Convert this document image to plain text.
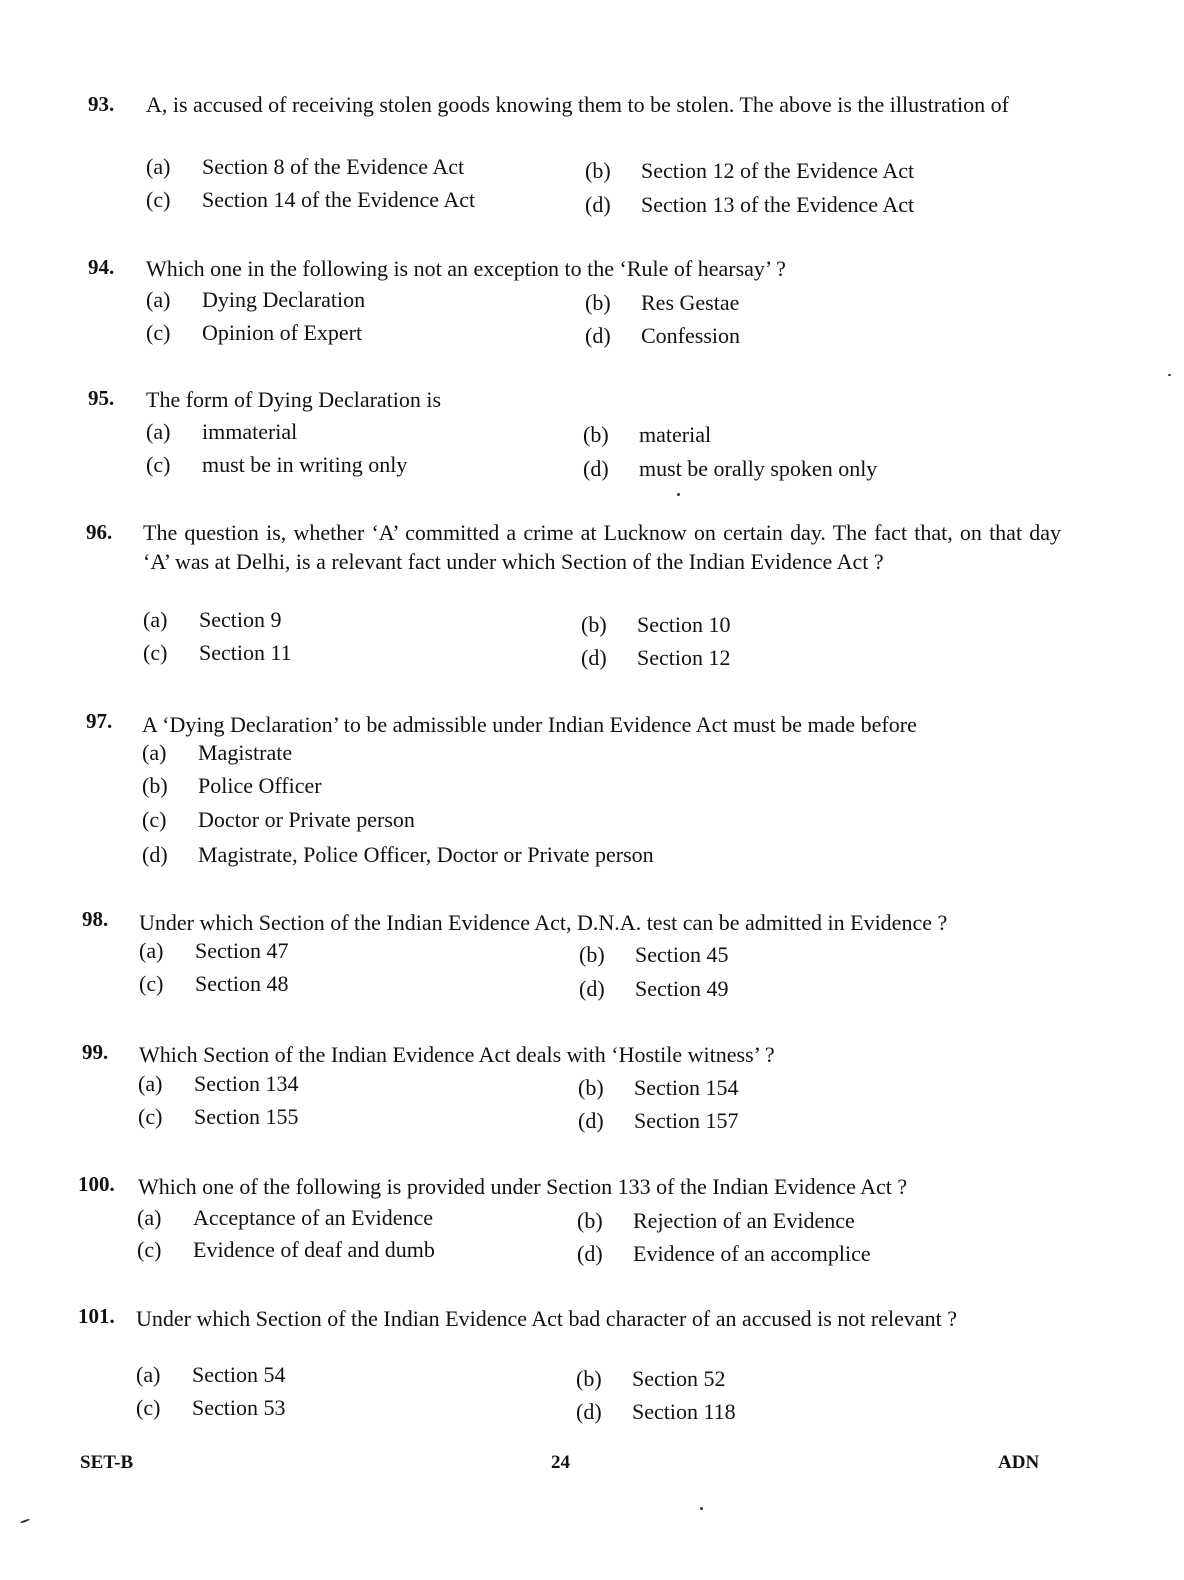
93. A, is accused of receiving stolen goods knowing them to be stolen. The above is the illustration of
(a) Section 8 of the Evidence Act	(b) Section 12 of the Evidence Act
(c) Section 14 of the Evidence Act	(d) Section 13 of the Evidence Act
94. Which one in the following is not an exception to the ‘Rule of hearsay’ ?
(a) Dying Declaration	(b) Res Gestae
(c) Opinion of Expert	(d) Confession
95. The form of Dying Declaration is
(a) immaterial	(b) material
(c) must be in writing only	(d) must be orally spoken only
96. The question is, whether ‘A’ committed a crime at Lucknow on certain day. The fact that, on that day ‘A’ was at Delhi, is a relevant fact under which Section of the Indian Evidence Act ?
(a) Section 9	(b) Section 10
(c) Section 11	(d) Section 12
97. A ‘Dying Declaration’ to be admissible under Indian Evidence Act must be made before
(a) Magistrate
(b) Police Officer
(c) Doctor or Private person
(d) Magistrate, Police Officer, Doctor or Private person
98. Under which Section of the Indian Evidence Act, D.N.A. test can be admitted in Evidence ?
(a) Section 47	(b) Section 45
(c) Section 48	(d) Section 49
99. Which Section of the Indian Evidence Act deals with ‘Hostile witness’ ?
(a) Section 134	(b) Section 154
(c) Section 155	(d) Section 157
100. Which one of the following is provided under Section 133 of the Indian Evidence Act ?
(a) Acceptance of an Evidence	(b) Rejection of an Evidence
(c) Evidence of deaf and dumb	(d) Evidence of an accomplice
101. Under which Section of the Indian Evidence Act bad character of an accused is not relevant ?
(a) Section 54	(b) Section 52
(c) Section 53	(d) Section 118
SET-B	24	ADN
